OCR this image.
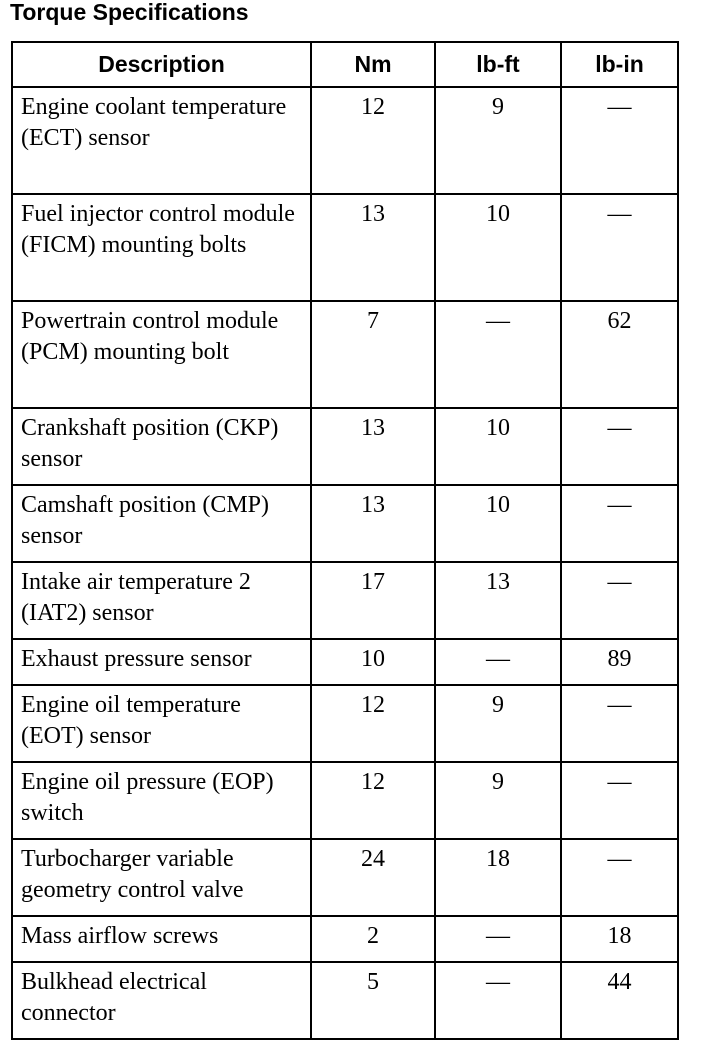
Torque Specifications
Description	Nm	lb-ft	lb-in
Engine coolant temperature (ECT) sensor	12	9	—
Fuel injector control module (FICM) mounting bolts	13	10	—
Powertrain control module (PCM) mounting bolt	7	—	62
Crankshaft position (CKP) sensor	13	10	—
Camshaft position (CMP) sensor	13	10	—
Intake air temperature 2 (IAT2) sensor	17	13	—
Exhaust pressure sensor	10	—	89
Engine oil temperature (EOT) sensor	12	9	—
Engine oil pressure (EOP) switch	12	9	—
Turbocharger variable geometry control valve	24	18	—
Mass airflow screws	2	—	18
Bulkhead electrical connector	5	—	44
